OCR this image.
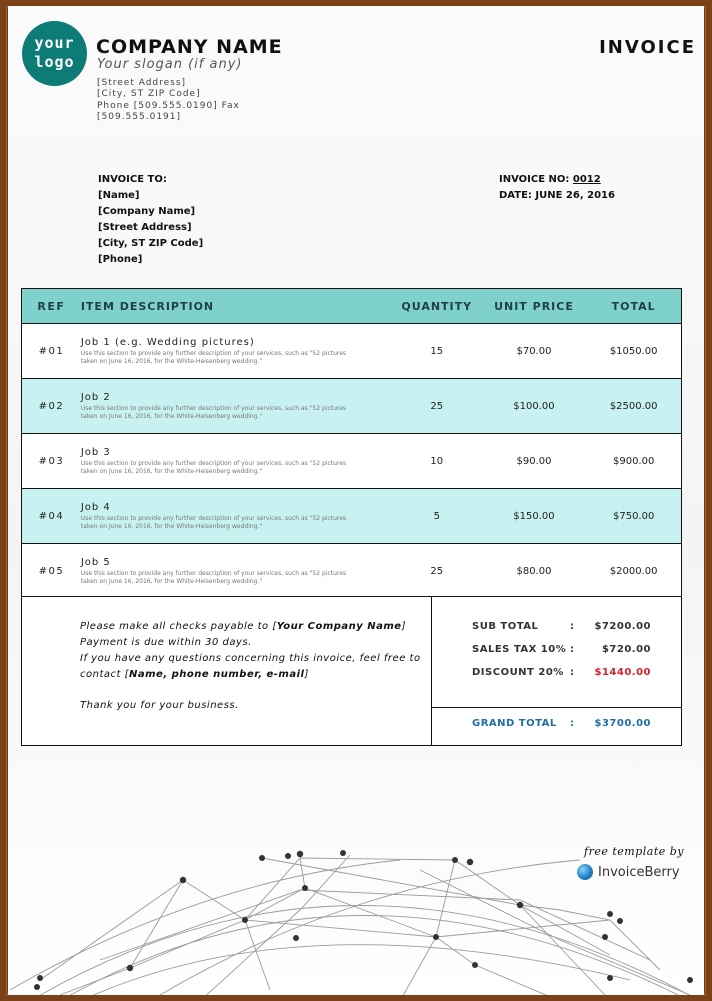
your
logo
COMPANY NAME
Your slogan (if any)
[Street Address]
[City, ST ZIP Code]
Phone [509.555.0190] Fax
[509.555.0191]
INVOICE
INVOICE TO:
[Name]
[Company Name]
[Street Address]
[City, ST ZIP Code]
[Phone]
INVOICE NO: 0012
DATE: JUNE 26, 2016
REF	ITEM DESCRIPTION	QUANTITY	UNIT PRICE	TOTAL
#01
Job 1 (e.g. Wedding pictures)
Use this section to provide any further description of your services, such as "52 pictures
taken on June 16, 2016, for the White-Heisenberg wedding."
15	$70.00	$1050.00
#02
Job 2
Use this section to provide any further description of your services, such as "52 pictures
taken on June 16, 2016, for the White-Heisenberg wedding."
25	$100.00	$2500.00
#03
Job 3
Use this section to provide any further description of your services, such as "52 pictures
taken on June 16, 2016, for the White-Heisenberg wedding."
10	$90.00	$900.00
#04
Job 4
Use this section to provide any further description of your services, such as "52 pictures
taken on June 16, 2016, for the White-Heisenberg wedding."
5	$150.00	$750.00
#05
Job 5
Use this section to provide any further description of your services, such as "52 pictures
taken on June 16, 2016, for the White-Heisenberg wedding."
25	$80.00	$2000.00
Please make all checks payable to [Your Company Name]
Payment is due within 30 days.
If you have any questions concerning this invoice, feel free to
contact [Name, phone number, e-mail]
Thank you for your business.
SUB TOTAL	: $7200.00
SALES TAX 10% :	$720.00
DISCOUNT 20% : $1440.00
GRAND TOTAL : $3700.00
free template by
InvoiceBerry
